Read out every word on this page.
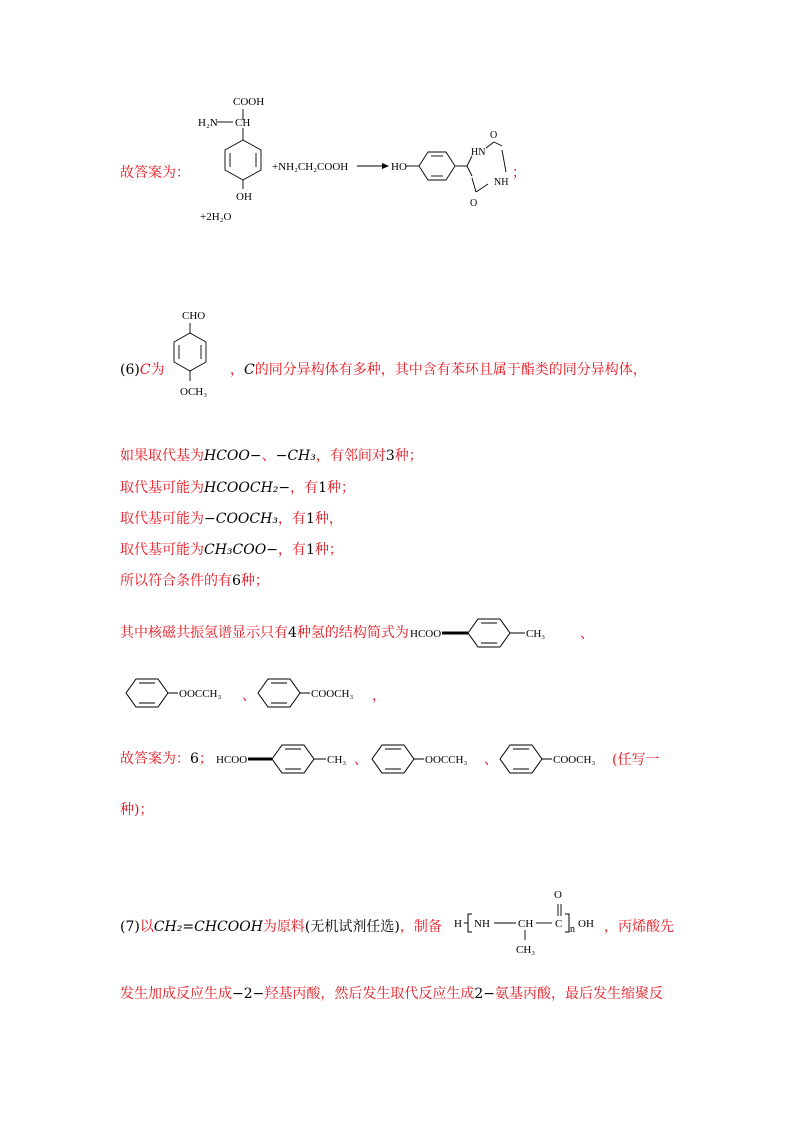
故答案为：
COOH
H₂N CH
OH
+NH₂CH₂COOH	HO
HN
NH
O
O
+2H₂O
；
(6)C为
CHO
OCH₃
，C的同分异构体有多种，其中含有苯环且属于酯类的同分异构体，
如果取代基为HCOO−、−CH₃，有邻间对3种；
取代基可能为HCOOCH₂−，有1种；
取代基可能为−COOCH₃，有1种，
取代基可能为CH₃COO−，有1种；
所以符合条件的有6种；
其中核磁共振氢谱显示只有4种氢的结构简式为 HCOO	CH₃ 、
OOCCH₃ 、	COOCH₃ ，
故答案为：6； HCOO	CH₃ 、	OOCCH₃ 、	COOCH₃ (任写一
种)；
(7)以CH₂=CHCOOH为原料(无机试剂任选)，制备 H NH	CH
CH₃
C
O
n OH ，丙烯酸先
发生加成反应生成−2−羟基丙酸，然后发生取代反应生成2−氨基丙酸，最后发生缩聚反
